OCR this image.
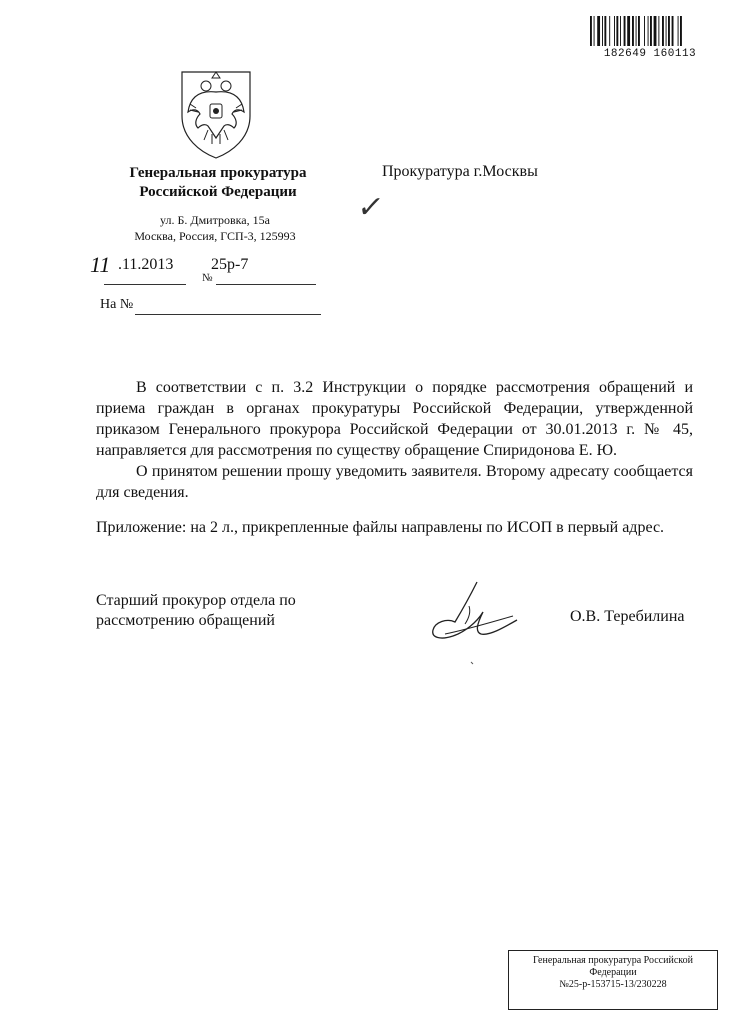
182649 160113
Генеральная прокуратура
Российской Федерации
ул. Б. Дмитровка, 15а
Москва, Россия, ГСП-3, 125993
Прокуратура г.Москвы
✓
11 .11.2013 25р-7
№
На №

В соответствии с п. 3.2 Инструкции о порядке рассмотрения обращений и приема граждан в органах прокуратуры Российской Федерации, утвержденной приказом Генерального прокурора Российской Федерации от 30.01.2013 г. № 45, направляется для рассмотрения по существу обращение Спиридонова Е. Ю.

О принятом решении прошу уведомить заявителя. Второму адресату сообщается для сведения.

Приложение: на 2 л., прикрепленные файлы направлены по ИСОП в первый адрес.

Старший прокурор отдела по
рассмотрению обращений	О.В. Теребилина
Генеральная прокуратура Российской
Федерации
№25-р-153715-13/230228
